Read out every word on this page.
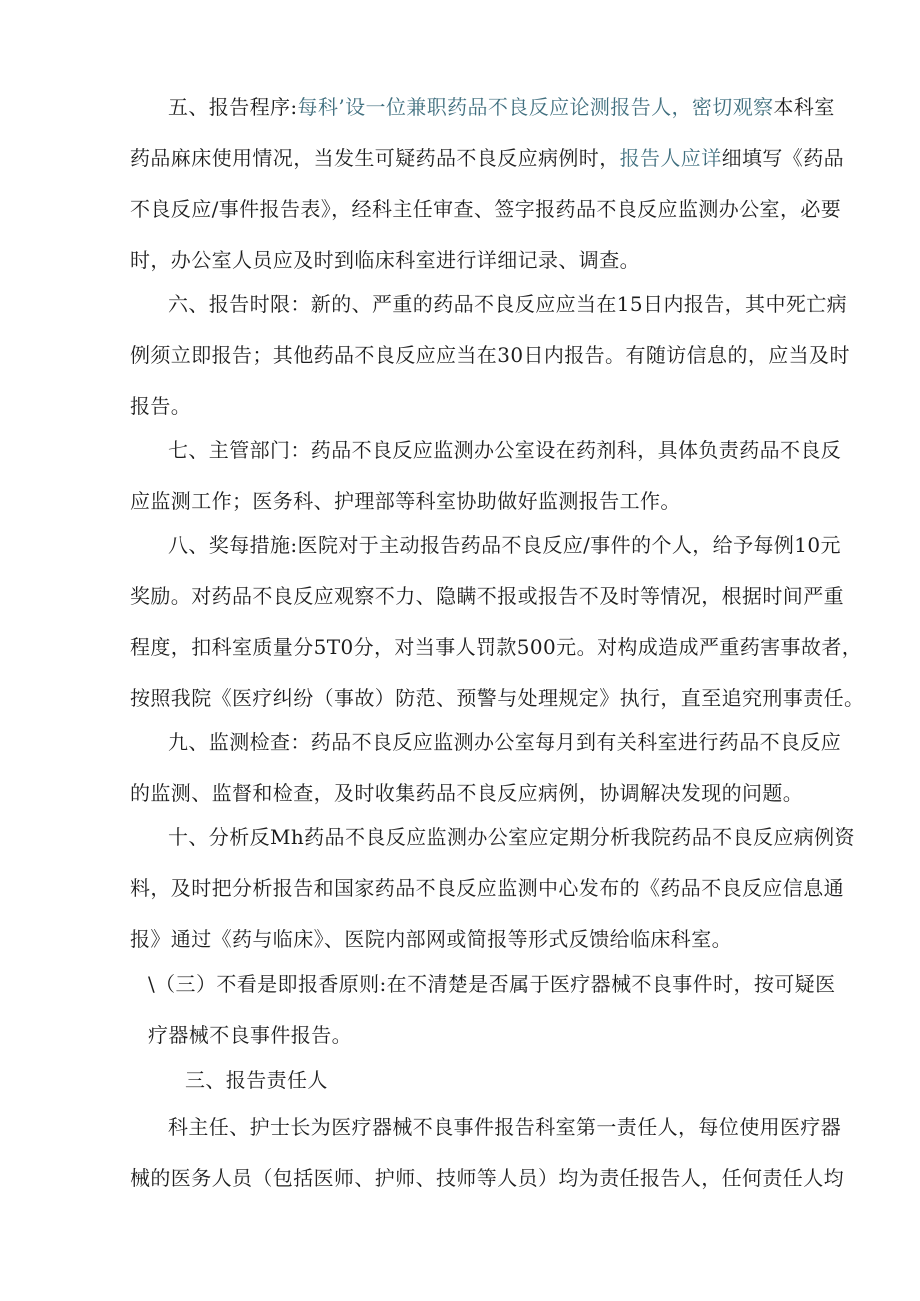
五、报告程序:每科’设一位兼职药品不良反应论测报告人，密切观察本科室
药品麻床使用情况，当发生可疑药品不良反应病例时，报告人应详细填写《药品
不良反应/事件报告表》，经科主任审查、签字报药品不良反应监测办公室，必要
时，办公室人员应及时到临床科室进行详细记录、调查。
六、报告时限：新的、严重的药品不良反应应当在15日内报告，其中死亡病
例须立即报告；其他药品不良反应应当在30日内报告。有随访信息的，应当及时
报告。
七、主管部门：药品不良反应监测办公室设在药剂科，具体负责药品不良反
应监测工作；医务科、护理部等科室协助做好监测报告工作。
八、奖每措施:医院对于主动报告药品不良反应/事件的个人，给予每例10元
奖励。对药品不良反应观察不力、隐瞒不报或报告不及时等情况，根据时间严重
程度，扣科室质量分5T0分，对当事人罚款500元。对构成造成严重药害事故者，
按照我院《医疗纠纷（事故）防范、预警与处理规定》执行，直至追究刑事责任。
九、监测检查：药品不良反应监测办公室每月到有关科室进行药品不良反应
的监测、监督和检查，及时收集药品不良反应病例，协调解决发现的问题。
十、分析反Mh药品不良反应监测办公室应定期分析我院药品不良反应病例资
料，及时把分析报告和国家药品不良反应监测中心发布的《药品不良反应信息通
报》通过《药与临床》、医院内部网或简报等形式反馈给临床科室。
\（三）不看是即报香原则:在不清楚是否属于医疗器械不良事件时，按可疑医
疗器械不良事件报告。
三、报告责任人
科主任、护士长为医疗器械不良事件报告科室第一责任人，每位使用医疗器
械的医务人员（包括医师、护师、技师等人员）均为责任报告人，任何责任人均
